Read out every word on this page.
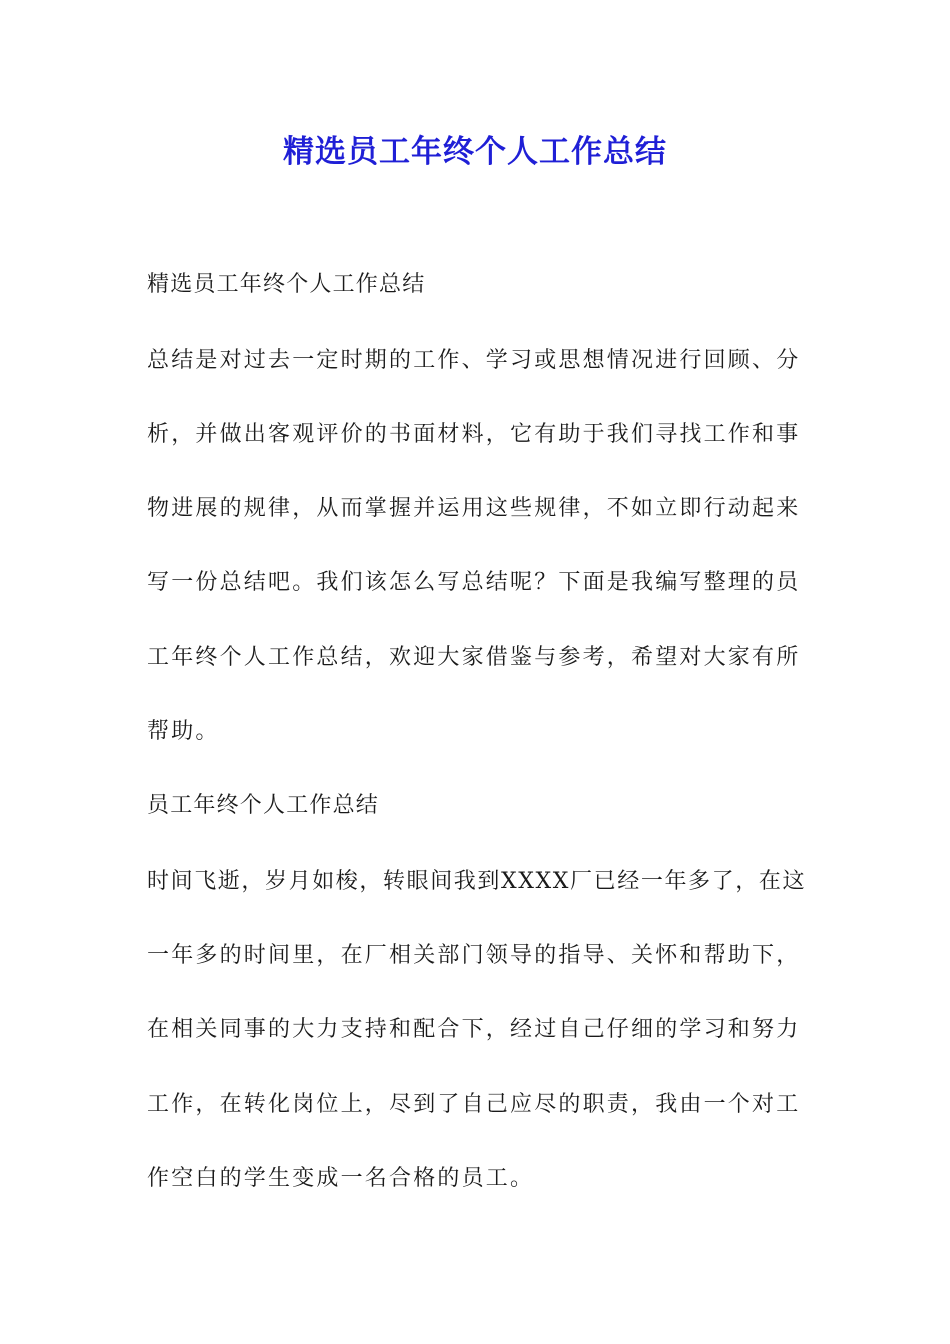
精选员工年终个人工作总结
精选员工年终个人工作总结
总结是对过去一定时期的工作、学习或思想情况进行回顾、分
析，并做出客观评价的书面材料，它有助于我们寻找工作和事
物进展的规律，从而掌握并运用这些规律，不如立即行动起来
写一份总结吧。我们该怎么写总结呢？下面是我编写整理的员
工年终个人工作总结，欢迎大家借鉴与参考，希望对大家有所
帮助。
员工年终个人工作总结
时间飞逝，岁月如梭，转眼间我到XXXX厂已经一年多了，在这
一年多的时间里，在厂相关部门领导的指导、关怀和帮助下，
在相关同事的大力支持和配合下，经过自己仔细的学习和努力
工作，在转化岗位上，尽到了自己应尽的职责，我由一个对工
作空白的学生变成一名合格的员工。
